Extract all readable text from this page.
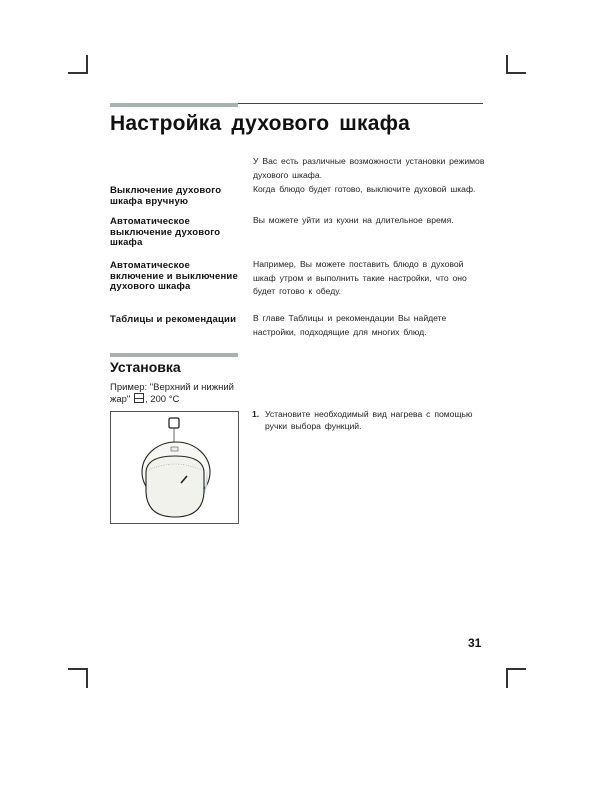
Настройка духового шкафа
У Вас есть различные возможности установки режимов духового шкафа.
Выключение духового шкафа вручную
Когда блюдо будет готово, выключите духовой шкаф.
Автоматическое выключение духового шкафа
Вы можете уйти из кухни на длительное время.
Автоматическое включение и выключение духового шкафа
Например, Вы можете поставить блюдо в духовой шкаф утром и выполнить такие настройки, что оно будет готово к обеду.
Таблицы и рекомендации	В главе Таблицы и рекомендации Вы найдете настройки, подходящие для многих блюд.
Установка
Пример: "Верхний и нижний жар" , 200 °C
1. Установите необходимый вид нагрева с помощью ручки выбора функций.
31
